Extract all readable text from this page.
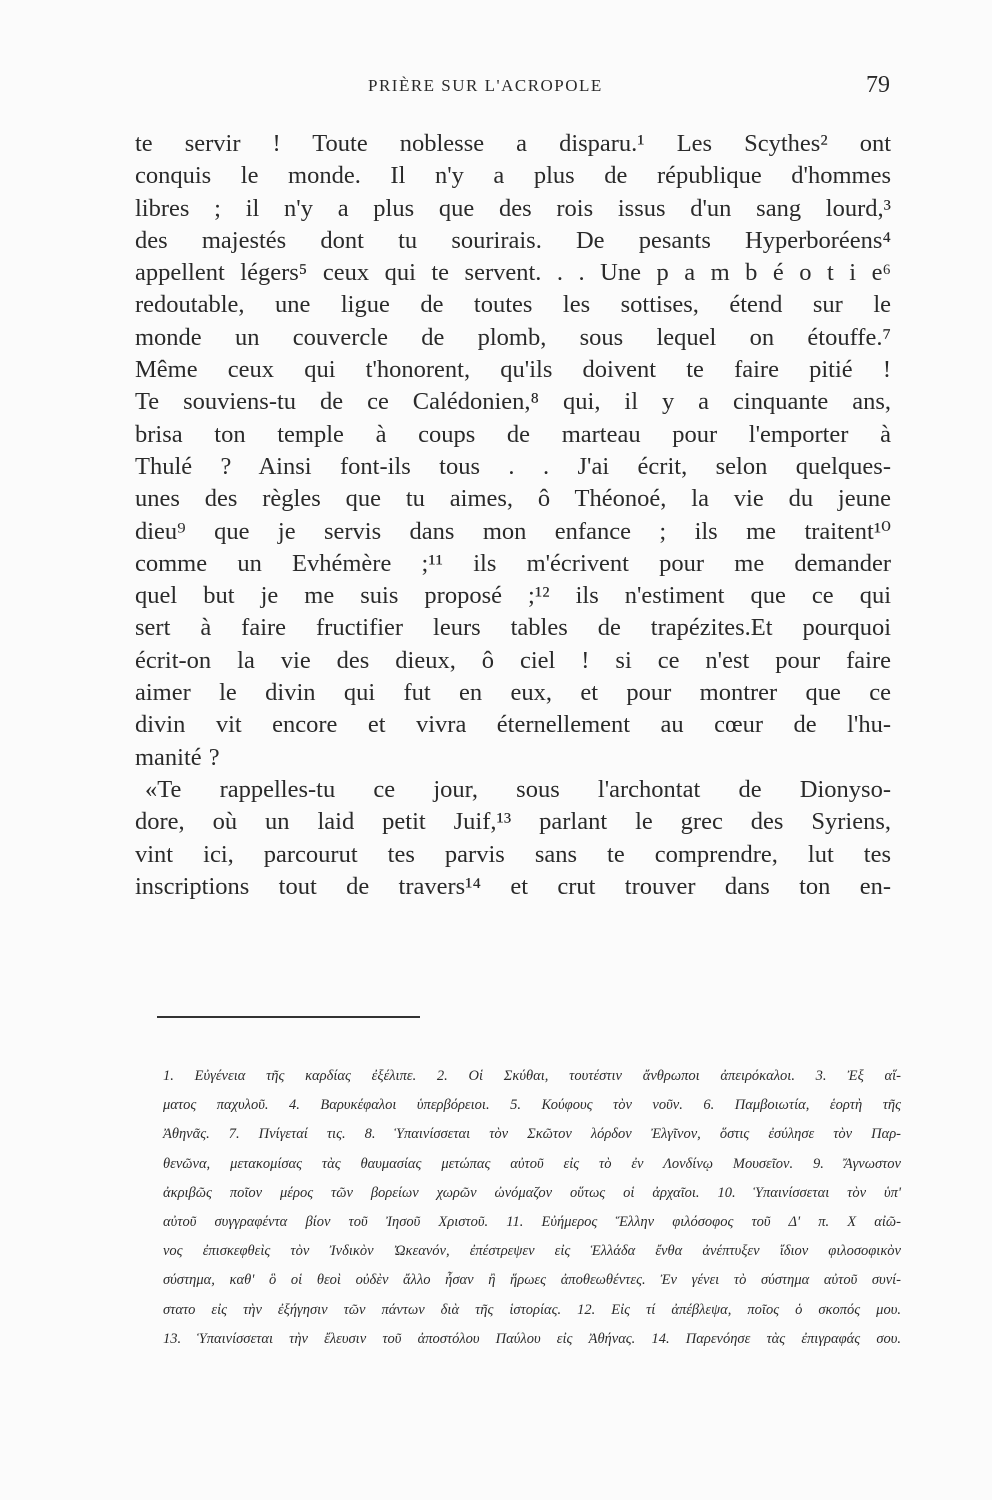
PRIÈRE SUR L'ACROPOLE	79
te servir ! Toute noblesse a disparu.¹ Les Scythes² ont
conquis le monde. Il n'y a plus de république d'hommes
libres ; il n'y a plus que des rois issus d'un sang lourd,³
des majestés dont tu sourirais. De pesants Hyperboréens⁴
appellent légers⁵ ceux qui te servent. . . Une p a m b é o t i e⁶
redoutable, une ligue de toutes les sottises, étend sur le
monde un couvercle de plomb, sous lequel on étouffe.⁷
Même ceux qui t'honorent, qu'ils doivent te faire pitié !
Te souviens-tu de ce Calédonien,⁸ qui, il y a cinquante ans,
brisa ton temple à coups de marteau pour l'emporter à
Thulé ? Ainsi font-ils tous . . J'ai écrit, selon quelques-
unes des règles que tu aimes, ô Théonoé, la vie du jeune
dieu⁹ que je servis dans mon enfance ; ils me traitent¹⁰
comme un Evhémère ;¹¹ ils m'écrivent pour me demander
quel but je me suis proposé ;¹² ils n'estiment que ce qui
sert à faire fructifier leurs tables de trapézites.Et pourquoi
écrit-on la vie des dieux, ô ciel ! si ce n'est pour faire
aimer le divin qui fut en eux, et pour montrer que ce
divin vit encore et vivra éternellement au cœur de l'hu-
manité ?
«Te rappelles-tu ce jour, sous l'archontat de Dionyso-
dore, où un laid petit Juif,¹³ parlant le grec des Syriens,
vint ici, parcourut tes parvis sans te comprendre, lut tes
inscriptions tout de travers¹⁴ et crut trouver dans ton en-
1. Εὐγένεια τῆς καρδίας ἐξέλιπε. 2. Οἱ Σκύθαι, τουτέστιν ἄνθρωποι ἀπειρόκαλοι. 3. Ἐξ αἵ-
ματος παχυλοῦ. 4. Βαρυκέφαλοι ὑπερβόρειοι. 5. Κούφους τὸν νοῦν. 6. Παμβοιωτία, ἑορτὴ τῆς
Ἀθηνᾶς. 7. Πνίγεταί τις. 8. Ὑπαινίσσεται τὸν Σκῶτον λόρδον Ἐλγῖνον, ὅστις ἐσύλησε τὸν Παρ-
θενῶνα, μετακομίσας τὰς θαυμασίας μετώπας αὐτοῦ εἰς τὸ ἐν Λονδίνῳ Μουσεῖον. 9. Ἄγνωστον
ἀκριβῶς ποῖον μέρος τῶν βορείων χωρῶν ὠνόμαζον οὕτως οἱ ἀρχαῖοι. 10. Ὑπαινίσσεται τὸν ὑπ'
αὐτοῦ συγγραφέντα βίον τοῦ Ἰησοῦ Χριστοῦ. 11. Εὐήμερος Ἕλλην φιλόσοφος τοῦ Δ' π. Χ αἰῶ-
νος ἐπισκεφθεὶς τὸν Ἰνδικὸν Ὠκεανόν, ἐπέστρεψεν εἰς Ἑλλάδα ἔνθα ἀνέπτυξεν ἴδιον φιλοσοφικὸν
σύστημα, καθ' ὃ οἱ θεοὶ οὐδὲν ἄλλο ἦσαν ἢ ἥρωες ἀποθεωθέντες. Ἐν γένει τὸ σύστημα αὐτοῦ συνί-
στατο εἰς τὴν ἐξήγησιν τῶν πάντων διὰ τῆς ἱστορίας. 12. Εἰς τί ἀπέβλεψα, ποῖος ὁ σκοπός μου.
13. Ὑπαινίσσεται τὴν ἔλευσιν τοῦ ἀποστόλου Παύλου εἰς Ἀθήνας. 14. Παρενόησε τὰς ἐπιγραφάς σου.
